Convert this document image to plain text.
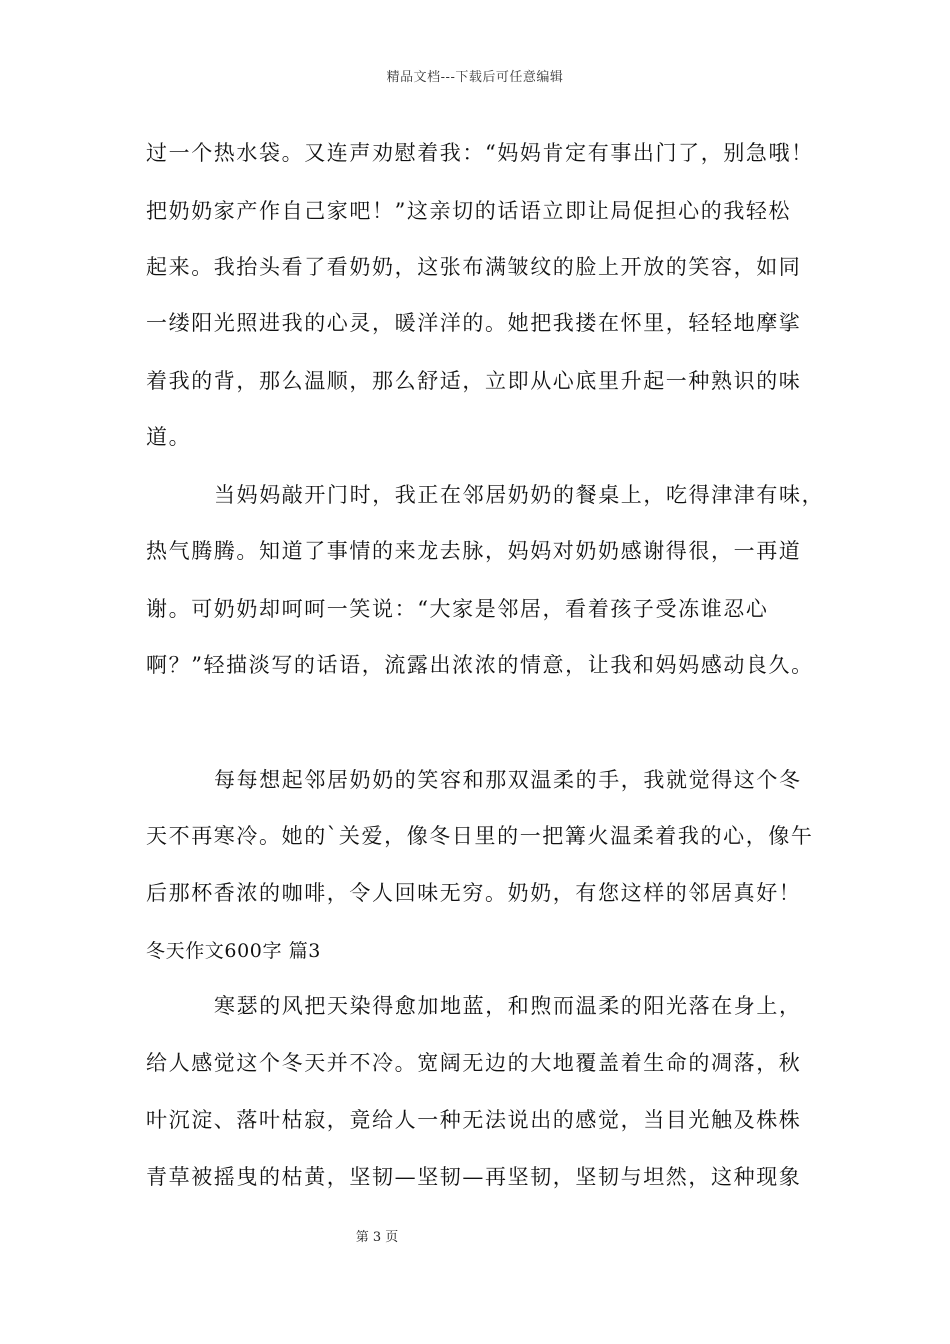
精品文档---下载后可任意编辑
过一个热水袋。又连声劝慰着我：“妈妈肯定有事出门了，别急哦！
把奶奶家产作自己家吧！”这亲切的话语立即让局促担心的我轻松
起来。我抬头看了看奶奶，这张布满皱纹的脸上开放的笑容，如同
一缕阳光照进我的心灵，暖洋洋的。她把我搂在怀里，轻轻地摩挲
着我的背，那么温顺，那么舒适，立即从心底里升起一种熟识的味
道。
当妈妈敲开门时，我正在邻居奶奶的餐桌上，吃得津津有味，
热气腾腾。知道了事情的来龙去脉，妈妈对奶奶感谢得很，一再道
谢。可奶奶却呵呵一笑说：“大家是邻居，看着孩子受冻谁忍心
啊？”轻描淡写的话语，流露出浓浓的情意，让我和妈妈感动良久。
每每想起邻居奶奶的笑容和那双温柔的手，我就觉得这个冬
天不再寒冷。她的`关爱，像冬日里的一把篝火温柔着我的心，像午
后那杯香浓的咖啡，令人回味无穷。奶奶，有您这样的邻居真好！
冬天作文600字 篇3
寒瑟的风把天染得愈加地蓝，和煦而温柔的阳光落在身上，
给人感觉这个冬天并不冷。宽阔无边的大地覆盖着生命的凋落，秋
叶沉淀、落叶枯寂，竟给人一种无法说出的感觉，当目光触及株株
青草被摇曳的枯黄，坚韧—坚韧—再坚韧，坚韧与坦然，这种现象
第 3 页
